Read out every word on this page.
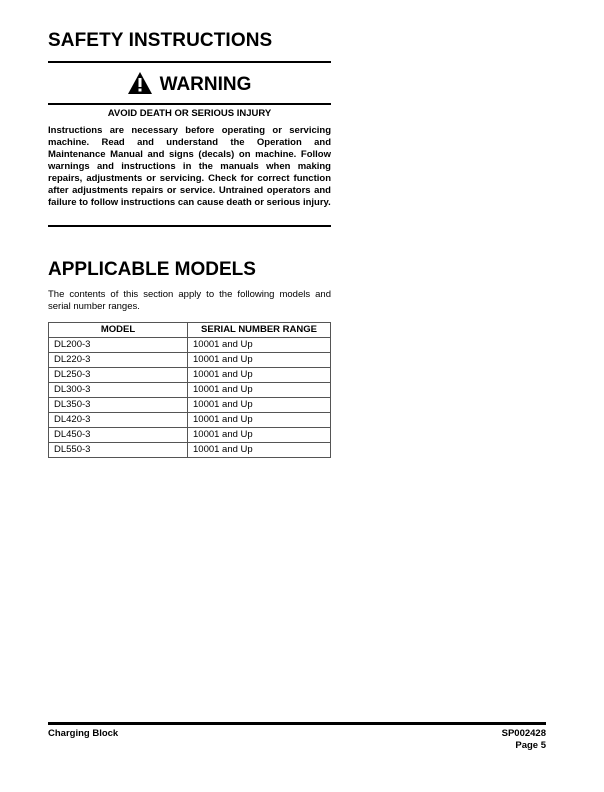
SAFETY INSTRUCTIONS
WARNING
AVOID DEATH OR SERIOUS INJURY
Instructions are necessary before operating or servicing machine. Read and understand the Operation and Maintenance Manual and signs (decals) on machine. Follow warnings and instructions in the manuals when making repairs, adjustments or servicing. Check for correct function after adjustments repairs or service. Untrained operators and failure to follow instructions can cause death or serious injury.
APPLICABLE MODELS
The contents of this section apply to the following models and serial number ranges.
MODEL	SERIAL NUMBER RANGE
DL200-3	10001 and Up
DL220-3	10001 and Up
DL250-3	10001 and Up
DL300-3	10001 and Up
DL350-3	10001 and Up
DL420-3	10001 and Up
DL450-3	10001 and Up
DL550-3	10001 and Up
Charging Block	SP002428
Page 5
